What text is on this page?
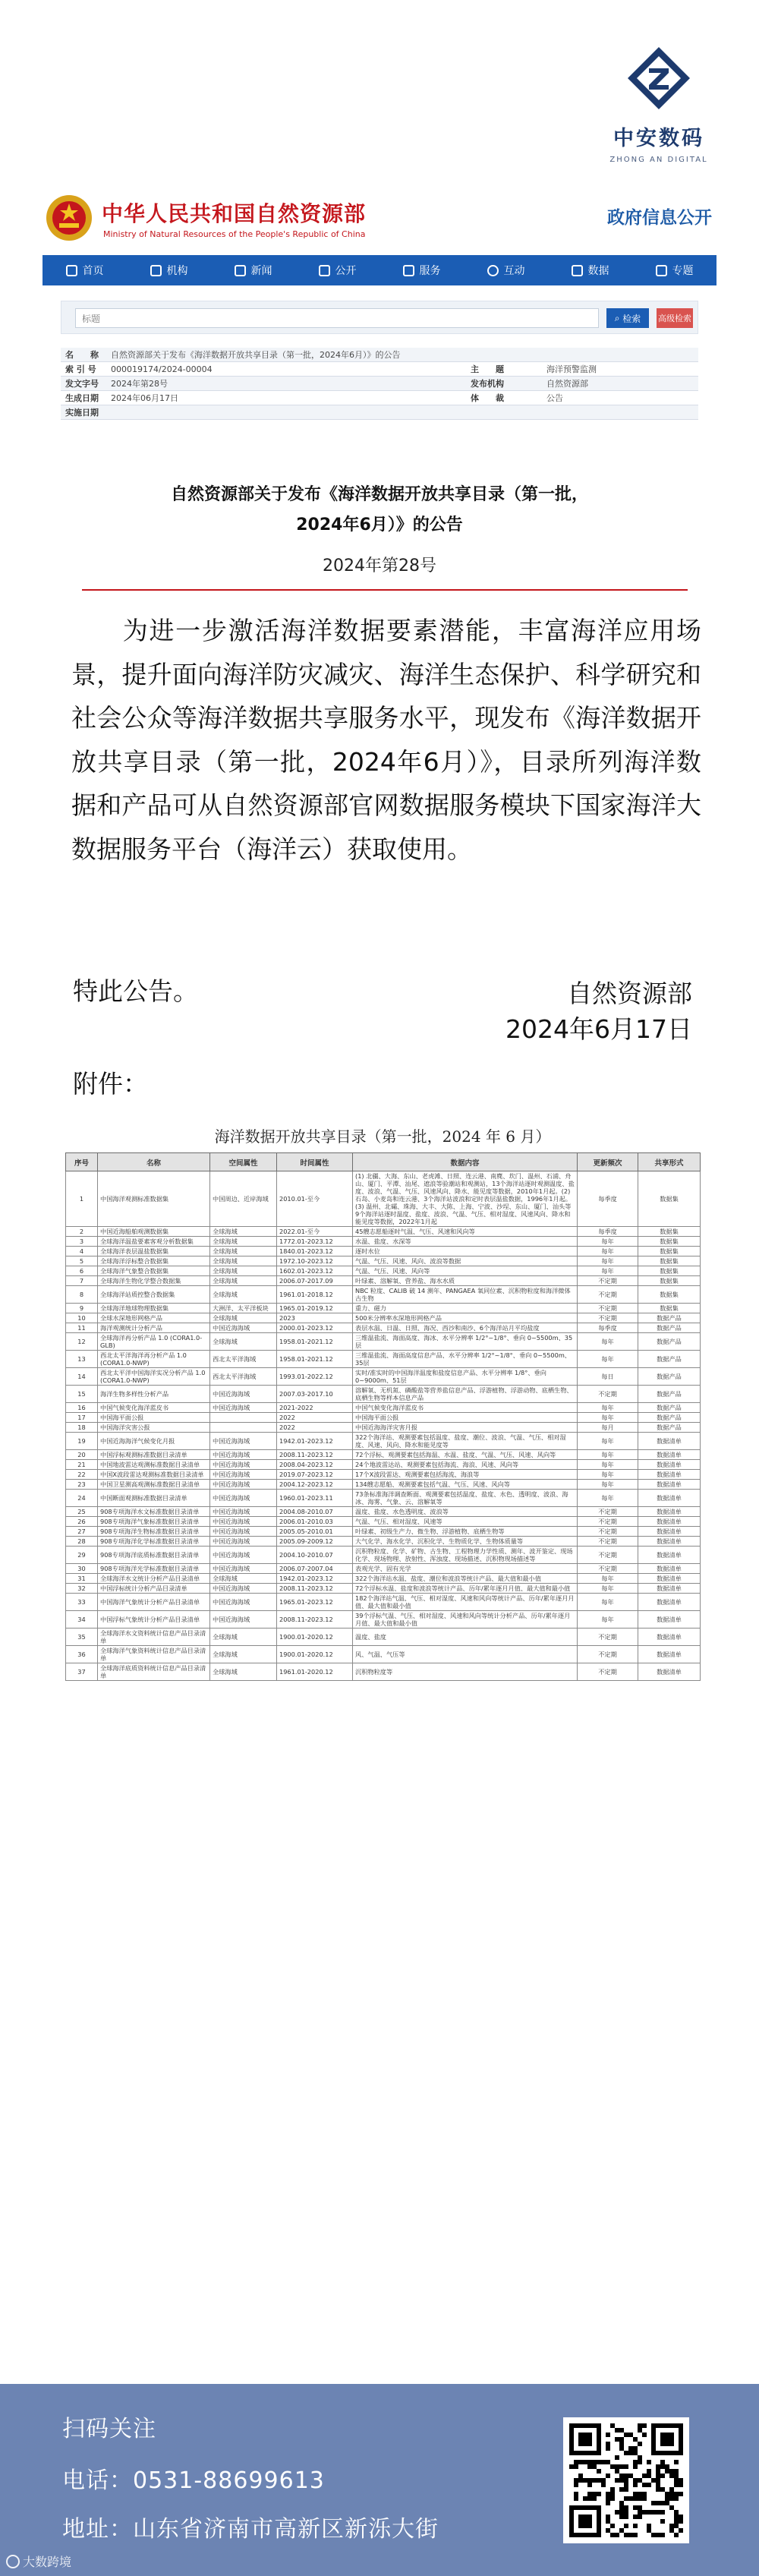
中安数码
ZHONG AN DIGITAL
中华人民共和国自然资源部
Ministry of Natural Resources of the People's Republic of China
政府信息公开
首页	机构	新闻	公开	服务	互动	数据	专题
标题	⌕ 检索 高级检索
名　　称	自然资源部关于发布《海洋数据开放共享目录（第一批，2024年6月）》的公告
索 引 号	000019174/2024-00004	主　　题	海洋预警监测
发文字号	2024年第28号	发布机构	自然资源部
生成日期	2024年06月17日	体　　裁	公告
实施日期
自然资源部关于发布《海洋数据开放共享目录（第一批，
2024年6月）》的公告
2024年第28号
为进一步激活海洋数据要素潜能，丰富海洋应用场景，提升面向海洋防灾减灾、海洋生态保护、科学研究和社会公众等海洋数据共享服务水平，现发布《海洋数据开放共享目录（第一批，2024年6月）》，目录所列海洋数据和产品可从自然资源部官网数据服务模块下国家海洋大数据服务平台（海洋云）获取使用。
特此公告。	自然资源部
2024年6月17日
附件：
海洋数据开放共享目录（第一批，2024 年 6 月）
序号	名称	空间属性	时间属性	数据内容	更新频次	共享形式
1	中国海洋观测标准数据集	中国周边、近岸海域	2010.01-至今	(1) 北疆、大海、东山、老虎滩、日照、连云港、南麂、坎门、温州、石浦、舟山、厦门、平潭、汕尾、遮浪等验潮站和观测站，13个海洋站逐时观测温度、盐度、波浪、气温、气压、风速风向、降水、能见度等数据，2010年1月起。(2) 石岛、小麦岛和连云港、3个海洋站波浪和定时表层温盐数据，1996年1月起。(3) 温州、北礵、珠海、大丰、大陈、上海、宁波、沙埕、东山、厦门、汕头等9个海洋站逐时温度、盐度、波浪、气温、气压、相对湿度、风速风向、降水和能见度等数据，2022年1月起	每季度	数据集
2	中国近海船舶观测数据集	全球海域	2022.01-至今	45艘志愿船逐时气温、气压、风速和风向等	每季度	数据集
3	全球海洋温盐要素客观分析数据集	全球海域	1772.01-2023.12	水温、盐度、水深等	每年	数据集
4	全球海洋表层温盐数据集	全球海域	1840.01-2023.12	逐时水位	每年	数据集
5	全球海洋浮标整合数据集	全球海域	1972.10-2023.12	气温、气压、风速、风向、波浪等数据	每年	数据集
6	全球海洋气象整合数据集	全球海域	1602.01-2023.12	气温、气压、风速、风向等	每年	数据集
7	全球海洋生物化学整合数据集	全球海域	2006.07-2017.09	叶绿素、溶解氧、营养盐、海水水质	不定期	数据集
8	全球海洋站质控整合数据集	全球海域	1961.01-2018.12	NBC 粒度、CALIB 破 14 测年、PANGAEA 氧同位素、沉积物粒度和海洋微体古生物	不定期	数据集
9	全球海洋地球物理数据集	大洲洋、太平洋板块	1965.01-2019.12	重力、磁力	不定期	数据集
10	全球水深地形网格产品	全球海域	2023	500米分辨率水深地形网格产品	不定期	数据产品
11	海洋观测统计分析产品	中国近海海域	2000.01-2023.12	表层水温、日温、日照、海况、西沙和南沙、6个海洋站月平均盐度	每季度	数据产品
12	全球海洋再分析产品 1.0 (CORA1.0-GLB)	全球海域	1958.01-2021.12	三维温盐流、海面高度、海冰、水平分辨率 1/2°~1/8°、垂向 0~5500m、35层	每年	数据产品
13	西北太平洋海洋再分析产品 1.0 (CORA1.0-NWP)	西北太平洋海域	1958.01-2021.12	三维温盐流、海面高度信息产品、水平分辨率 1/2°~1/8°、垂向 0~5500m、35层	每年	数据产品
14	西北太平洋中国海洋实况分析产品 1.0 (CORA1.0-NWP)	西北太平洋海域	1993.01-2022.12	实时/准实时的中国海洋温度和盐度信息产品、水平分辨率 1/8°、垂向 0~9000m、51层	每日	数据产品
15	海洋生物多样性分析产品	中国近海海域	2007.03-2017.10	溶解氧、无机氮、磷酸盐等营养盐信息产品、浮游植物、浮游动物、底栖生物、底栖生物等样本信息产品	不定期	数据产品
16	中国气候变化海洋蓝皮书	中国近海海域	2021-2022	中国气候变化海洋蓝皮书	每年	数据产品
17	中国海平面公报		2022	中国海平面公报	每年	数据产品
18	中国海洋灾害公报		2022	中国近海海洋灾害月报	每月	数据产品
19	中国近海海洋气候变化月报	中国近海海域	1942.01-2023.12	322个海洋站、观测要素包括温度、盐度、潮位、波浪、气温、气压、相对湿度、风速、风向、降水和能见度等	每年	数据清单
20	中国浮标观测标准数据目录清单	中国近海海域	2008.11-2023.12	72个浮标、观测要素包括海温、水温、盐度、气温、气压、风速、风向等	每年	数据清单
21	中国地波雷达观测标准数据目录清单	中国近海海域	2008.04-2023.12	24个地波雷达站、观测要素包括海流、海浪、风速、风向等	每年	数据清单
22	中国X波段雷达观测标准数据目录清单	中国近海海域	2019.07-2023.12	17个X波段雷达、观测要素包括海流、海浪等	每年	数据清单
23	中国卫星测高观测标准数据目录清单	中国近海海域	2004.12-2023.12	134艘志愿船、观测要素包括气温、气压、风速、风向等	每年	数据清单
24	中国断面观测标准数据目录清单	中国近海海域	1960.01-2023.11	73条标准海洋调查断面、观测要素包括温度、盐度、水色、透明度、波浪、海冰、海雾、气象、云、溶解氧等	每年	数据清单
25	908专项海洋水文标准数据目录清单	中国近海海域	2004.08-2010.07	温度、盐度、水色透明度、波浪等	不定期	数据清单
26	908专项海洋气象标准数据目录清单	中国近海海域	2006.01-2010.03	气温、气压、相对湿度、风速等	不定期	数据清单
27	908专项海洋生物标准数据目录清单	中国近海海域	2005.05-2010.01	叶绿素、初级生产力、微生物、浮游植物、底栖生物等	不定期	数据清单
28	908专项海洋化学标准数据目录清单	中国近海海域	2005.09-2009.12	大气化学、海水化学、沉积化学、生物质化学、生物体质量等	不定期	数据清单
29	908专项海洋底质标准数据目录清单	中国近海海域	2004.10-2010.07	沉积物粒度、化学、矿物、古生物、工程物理力学性质、测年、波开鉴定、现场化学、现场物理、放射性、浑浊度、现场描述、沉积物现场描述等	不定期	数据清单
30	908专项海洋光学标准数据目录清单	中国近海海域	2006.07-2007.04	表观光学、固有光学	不定期	数据清单
31	全球海洋水文统计分析产品目录清单	全球海域	1942.01-2023.12	322个海洋站水温、盐度、潮位和波浪等统计产品、最大值和最小值	每年	数据清单
32	中国浮标统计分析产品目录清单	中国近海海域	2008.11-2023.12	72个浮标水温、盐度和波浪等统计产品、历年/累年逐月月值、最大值和最小值	每年	数据清单
33	中国海洋气象统计分析产品目录清单	中国近海海域	1965.01-2023.12	182个海洋站气温、气压、相对湿度、风速和风向等统计产品、历年/累年逐月月值、最大值和最小值	每年	数据清单
34	中国浮标气象统计分析产品目录清单	中国近海海域	2008.11-2023.12	39个浮标气温、气压、相对湿度、风速和风向等统计分析产品、历年/累年逐月月值、最大值和最小值	每年	数据清单
35	全球海洋水文资料统计信息产品目录清单	全球海域	1900.01-2020.12	温度、盐度	不定期	数据清单
36	全球海洋气象资料统计信息产品目录清单	全球海域	1900.01-2020.12	风、气温、气压等	不定期	数据清单
37	全球海洋底质资料统计信息产品目录清单	全球海域	1961.01-2020.12	沉积物粒度等	不定期	数据清单
扫码关注
电话：0531-88699613
地址：山东省济南市高新区新泺大街
大数跨境
